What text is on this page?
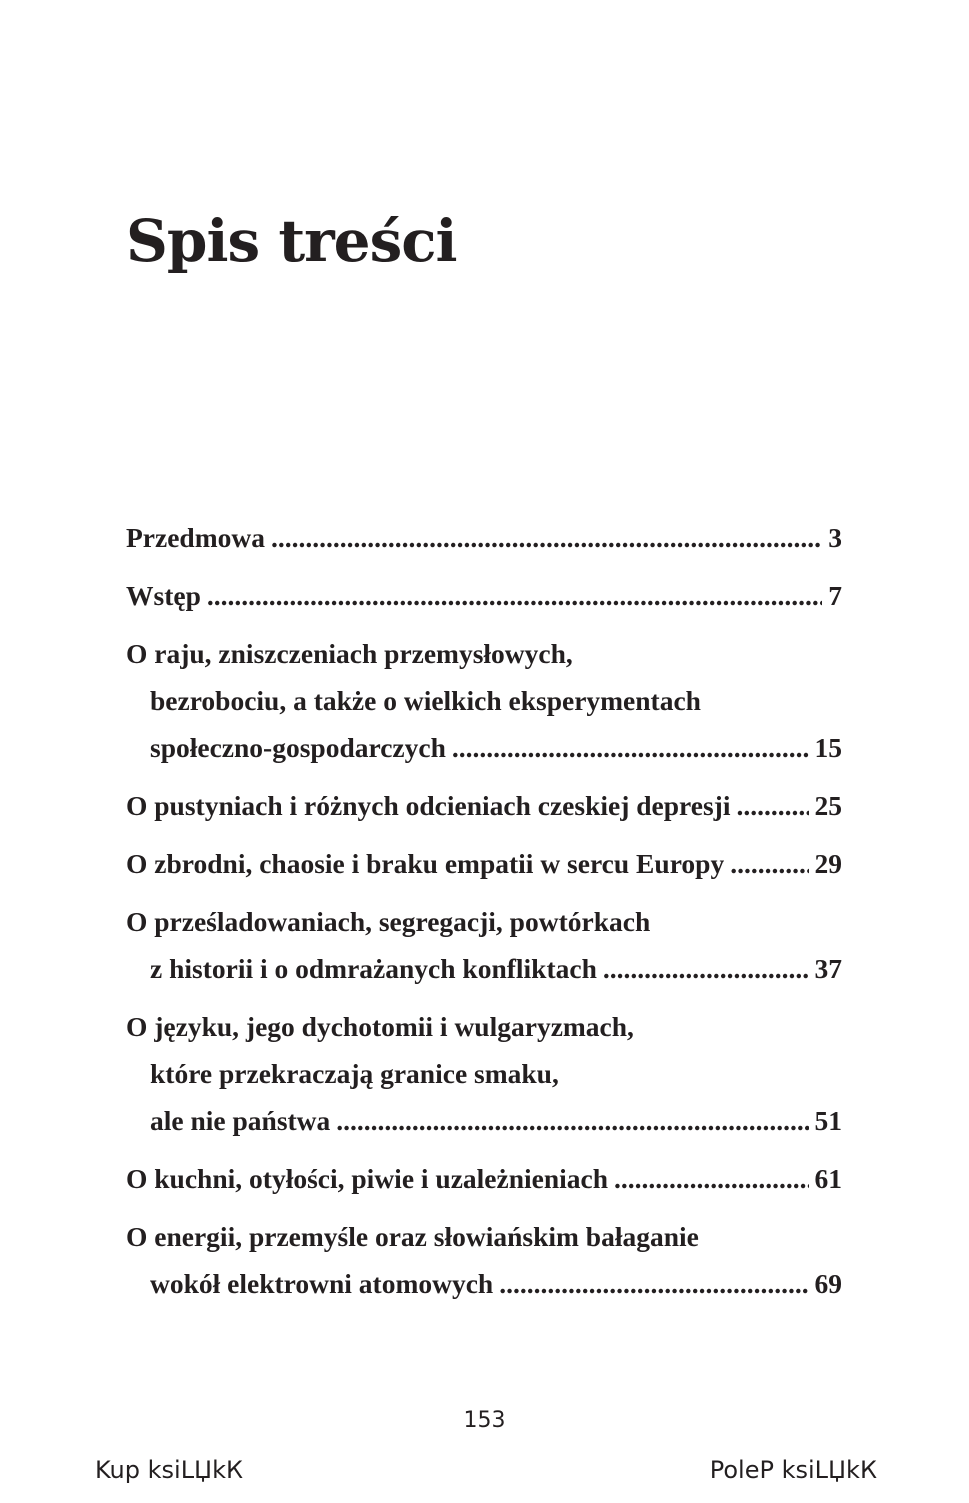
Spis treści
Przedmowa .....	3
Wstęp .....	7
O raju, zniszczeniach przemysłowych,
bezrobociu, a także o wielkich eksperymentach
społeczno-gospodarczych .....	15
O pustyniach i różnych odcieniach czeskiej depresji .....	25
O zbrodni, chaosie i braku empatii w sercu Europy .....	29
O prześladowaniach, segregacji, powtórkach
z historii i o odmrażanych konfliktach .....	37
O języku, jego dychotomii i wulgaryzmach,
które przekraczają granice smaku,
ale nie państwa .....	51
O kuchni, otyłości, piwie i uzależnieniach .....	61
O energii, przemyśle oraz słowiańskim bałaganie
wokół elektrowni atomowych .....	69
153
Kup ksiLЏkК	PoleР ksiLЏkК
